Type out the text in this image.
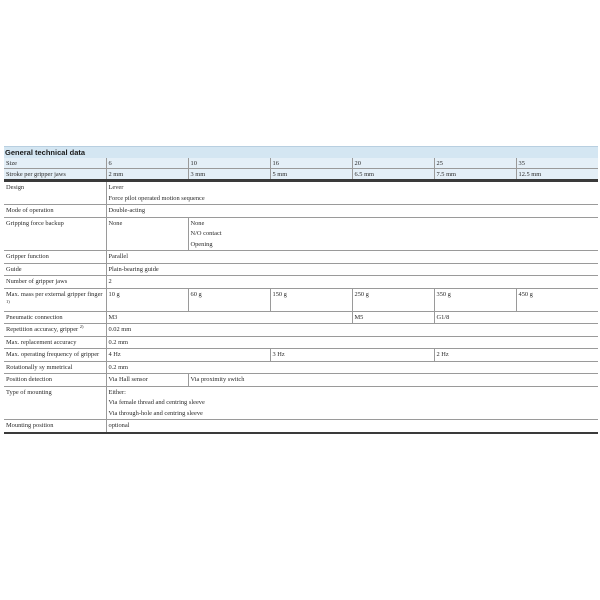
General technical data
Size	6	10	16	20	25	35
Stroke per gripper jaws	2 mm	3 mm	5 mm	6.5 mm	7.5 mm	12.5 mm
Design	Lever
Force pilot operated motion sequence					

Mode of operation	Double-acting					
Gripping force backup	None	None
N/O contact
Opening				

Gripper function	Parallel					
Guide	Plain-bearing guide					
Number of gripper jaws	2					
Max. mass per external gripper finger $^{1)}$	10 g	60 g	150 g	250 g	350 g	450 g
Pneumatic connection	M3			M5	G1/8	
Repetition accuracy, gripper $^{2)}$	0.02 mm					
Max. replacement accuracy	0.2 mm					
Max. operating frequency of gripper	4 Hz		3 Hz		2 Hz	
Rotationally sy mmetrical	0.2 mm					
Position detection	Via Hall sensor	Via proximity switch				
Type of mounting	Either:
Via female thread and centring sleeve
Via through-hole and centring sleeve					

Mounting position	optional					
